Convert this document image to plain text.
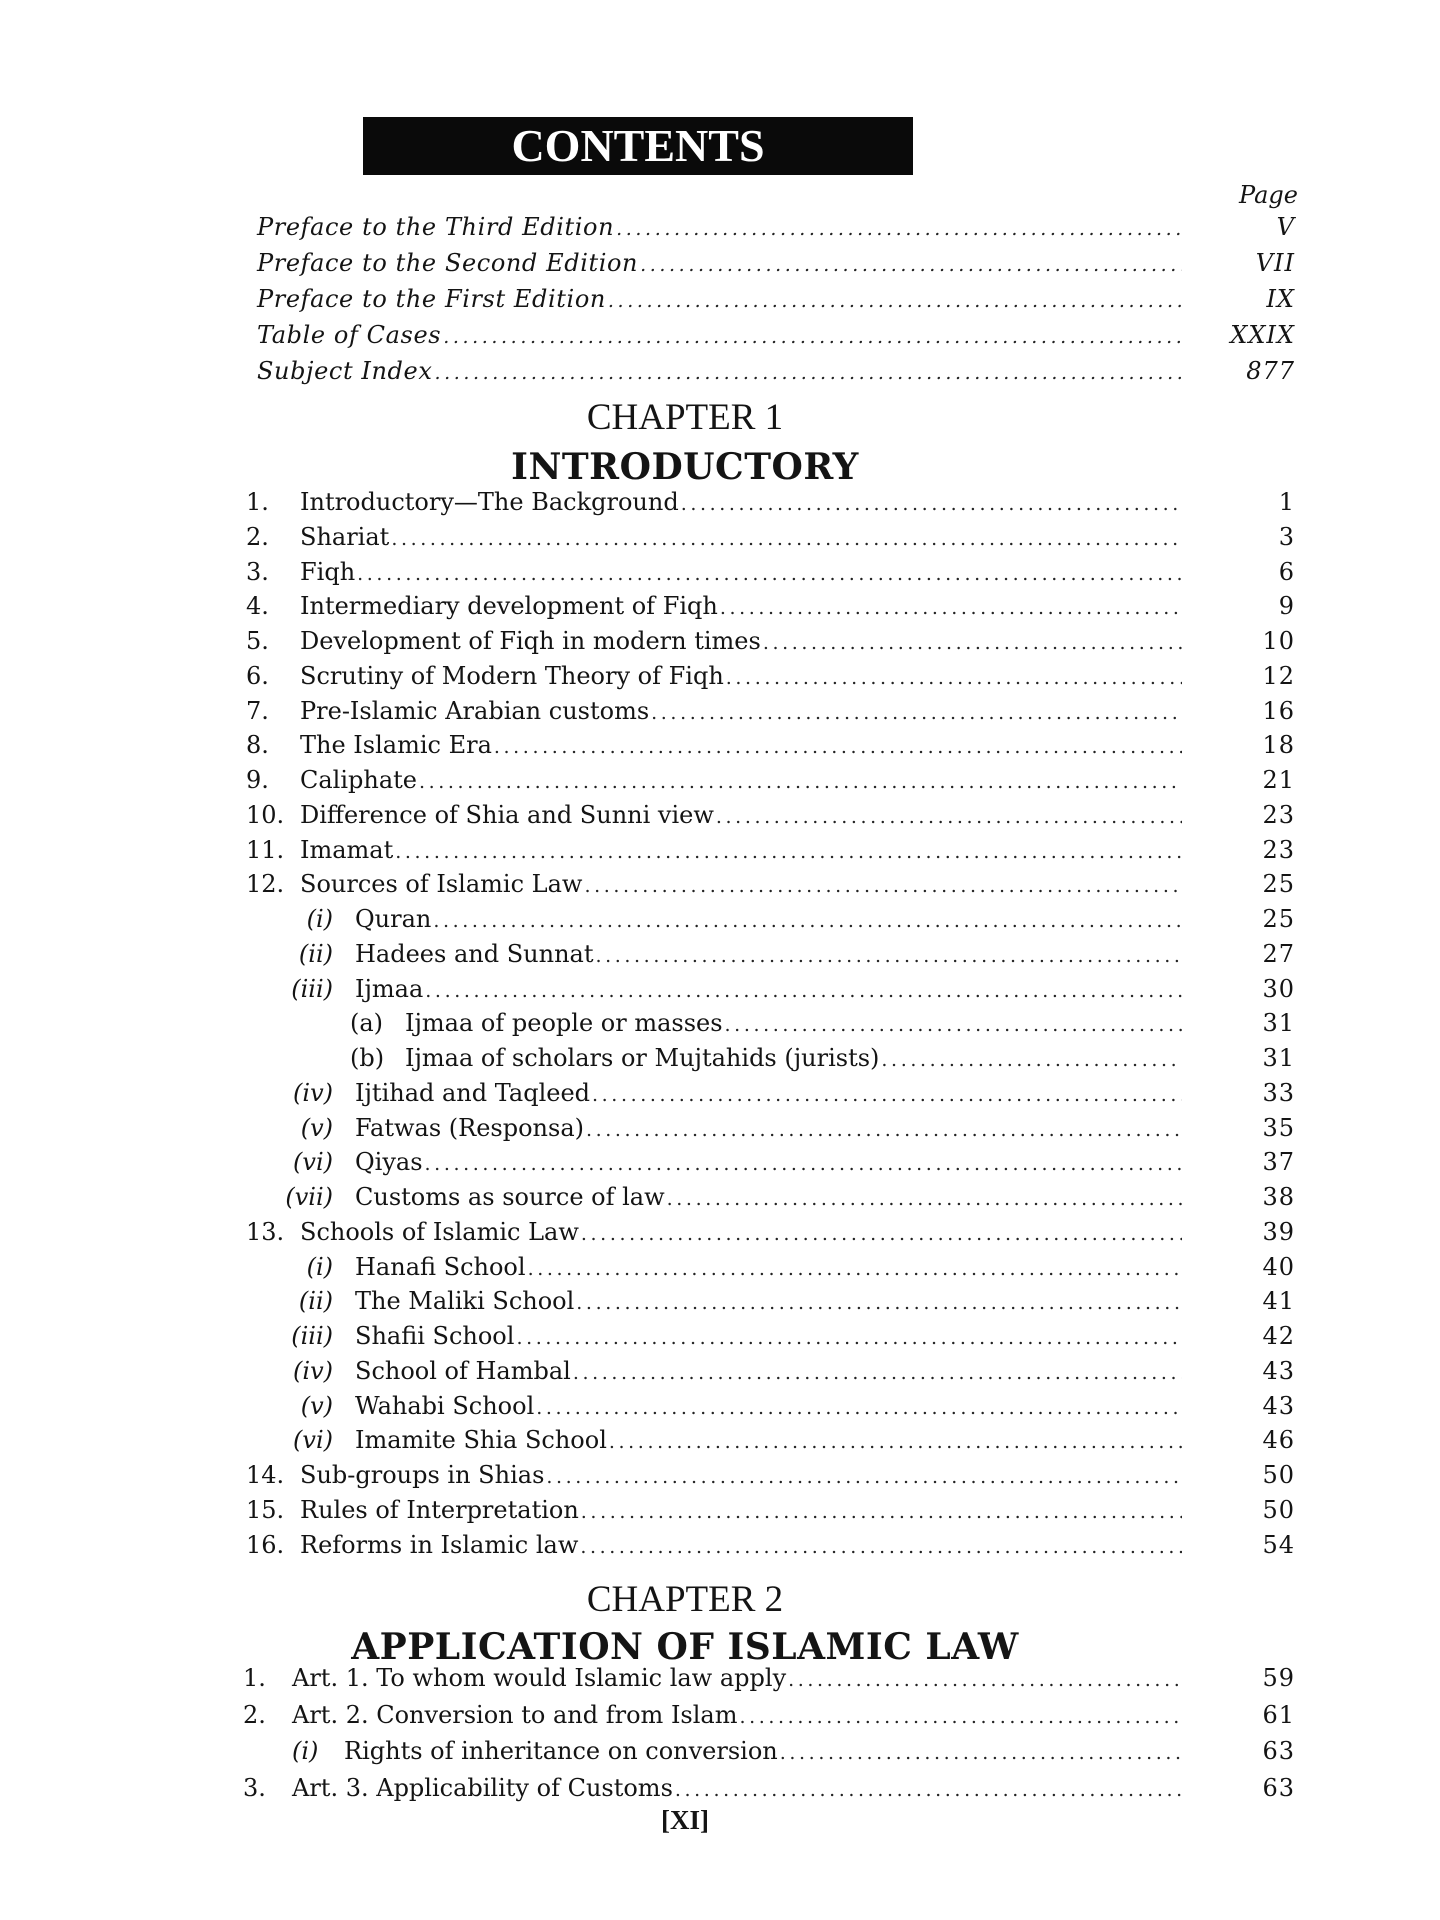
CONTENTS
Page
Preface to the Third Edition .....	V
Preface to the Second Edition .....	VII
Preface to the First Edition .....	IX
Table of Cases .....	XXIX
Subject Index .....	877
CHAPTER 1
INTRODUCTORY
1. Introductory—The Background .....	1
2. Shariat .....	3
3. Fiqh .....	6
4. Intermediary development of Fiqh .....	9
5. Development of Fiqh in modern times .....	10
6. Scrutiny of Modern Theory of Fiqh .....	12
7. Pre-Islamic Arabian customs .....	16
8. The Islamic Era .....	18
9. Caliphate .....	21
10. Difference of Shia and Sunni view .....	23
11. Imamat .....	23
12. Sources of Islamic Law .....	25
(i) Quran .....	25
(ii) Hadees and Sunnat .....	27
(iii) Ijmaa .....	30
(a) Ijmaa of people or masses .....	31
(b) Ijmaa of scholars or Mujtahids (jurists) .....	31
(iv) Ijtihad and Taqleed .....	33
(v) Fatwas (Responsa) .....	35
(vi) Qiyas .....	37
(vii) Customs as source of law .....	38
13. Schools of Islamic Law .....	39
(i) Hanafi School .....	40
(ii) The Maliki School .....	41
(iii) Shafii School .....	42
(iv) School of Hambal .....	43
(v) Wahabi School .....	43
(vi) Imamite Shia School .....	46
14. Sub-groups in Shias .....	50
15. Rules of Interpretation .....	50
16. Reforms in Islamic law .....	54
CHAPTER 2
APPLICATION OF ISLAMIC LAW
1. Art. 1. To whom would Islamic law apply .....	59
2. Art. 2. Conversion to and from Islam .....	61
(i) Rights of inheritance on conversion .....	63
3. Art. 3. Applicability of Customs .....	63
[XI]
